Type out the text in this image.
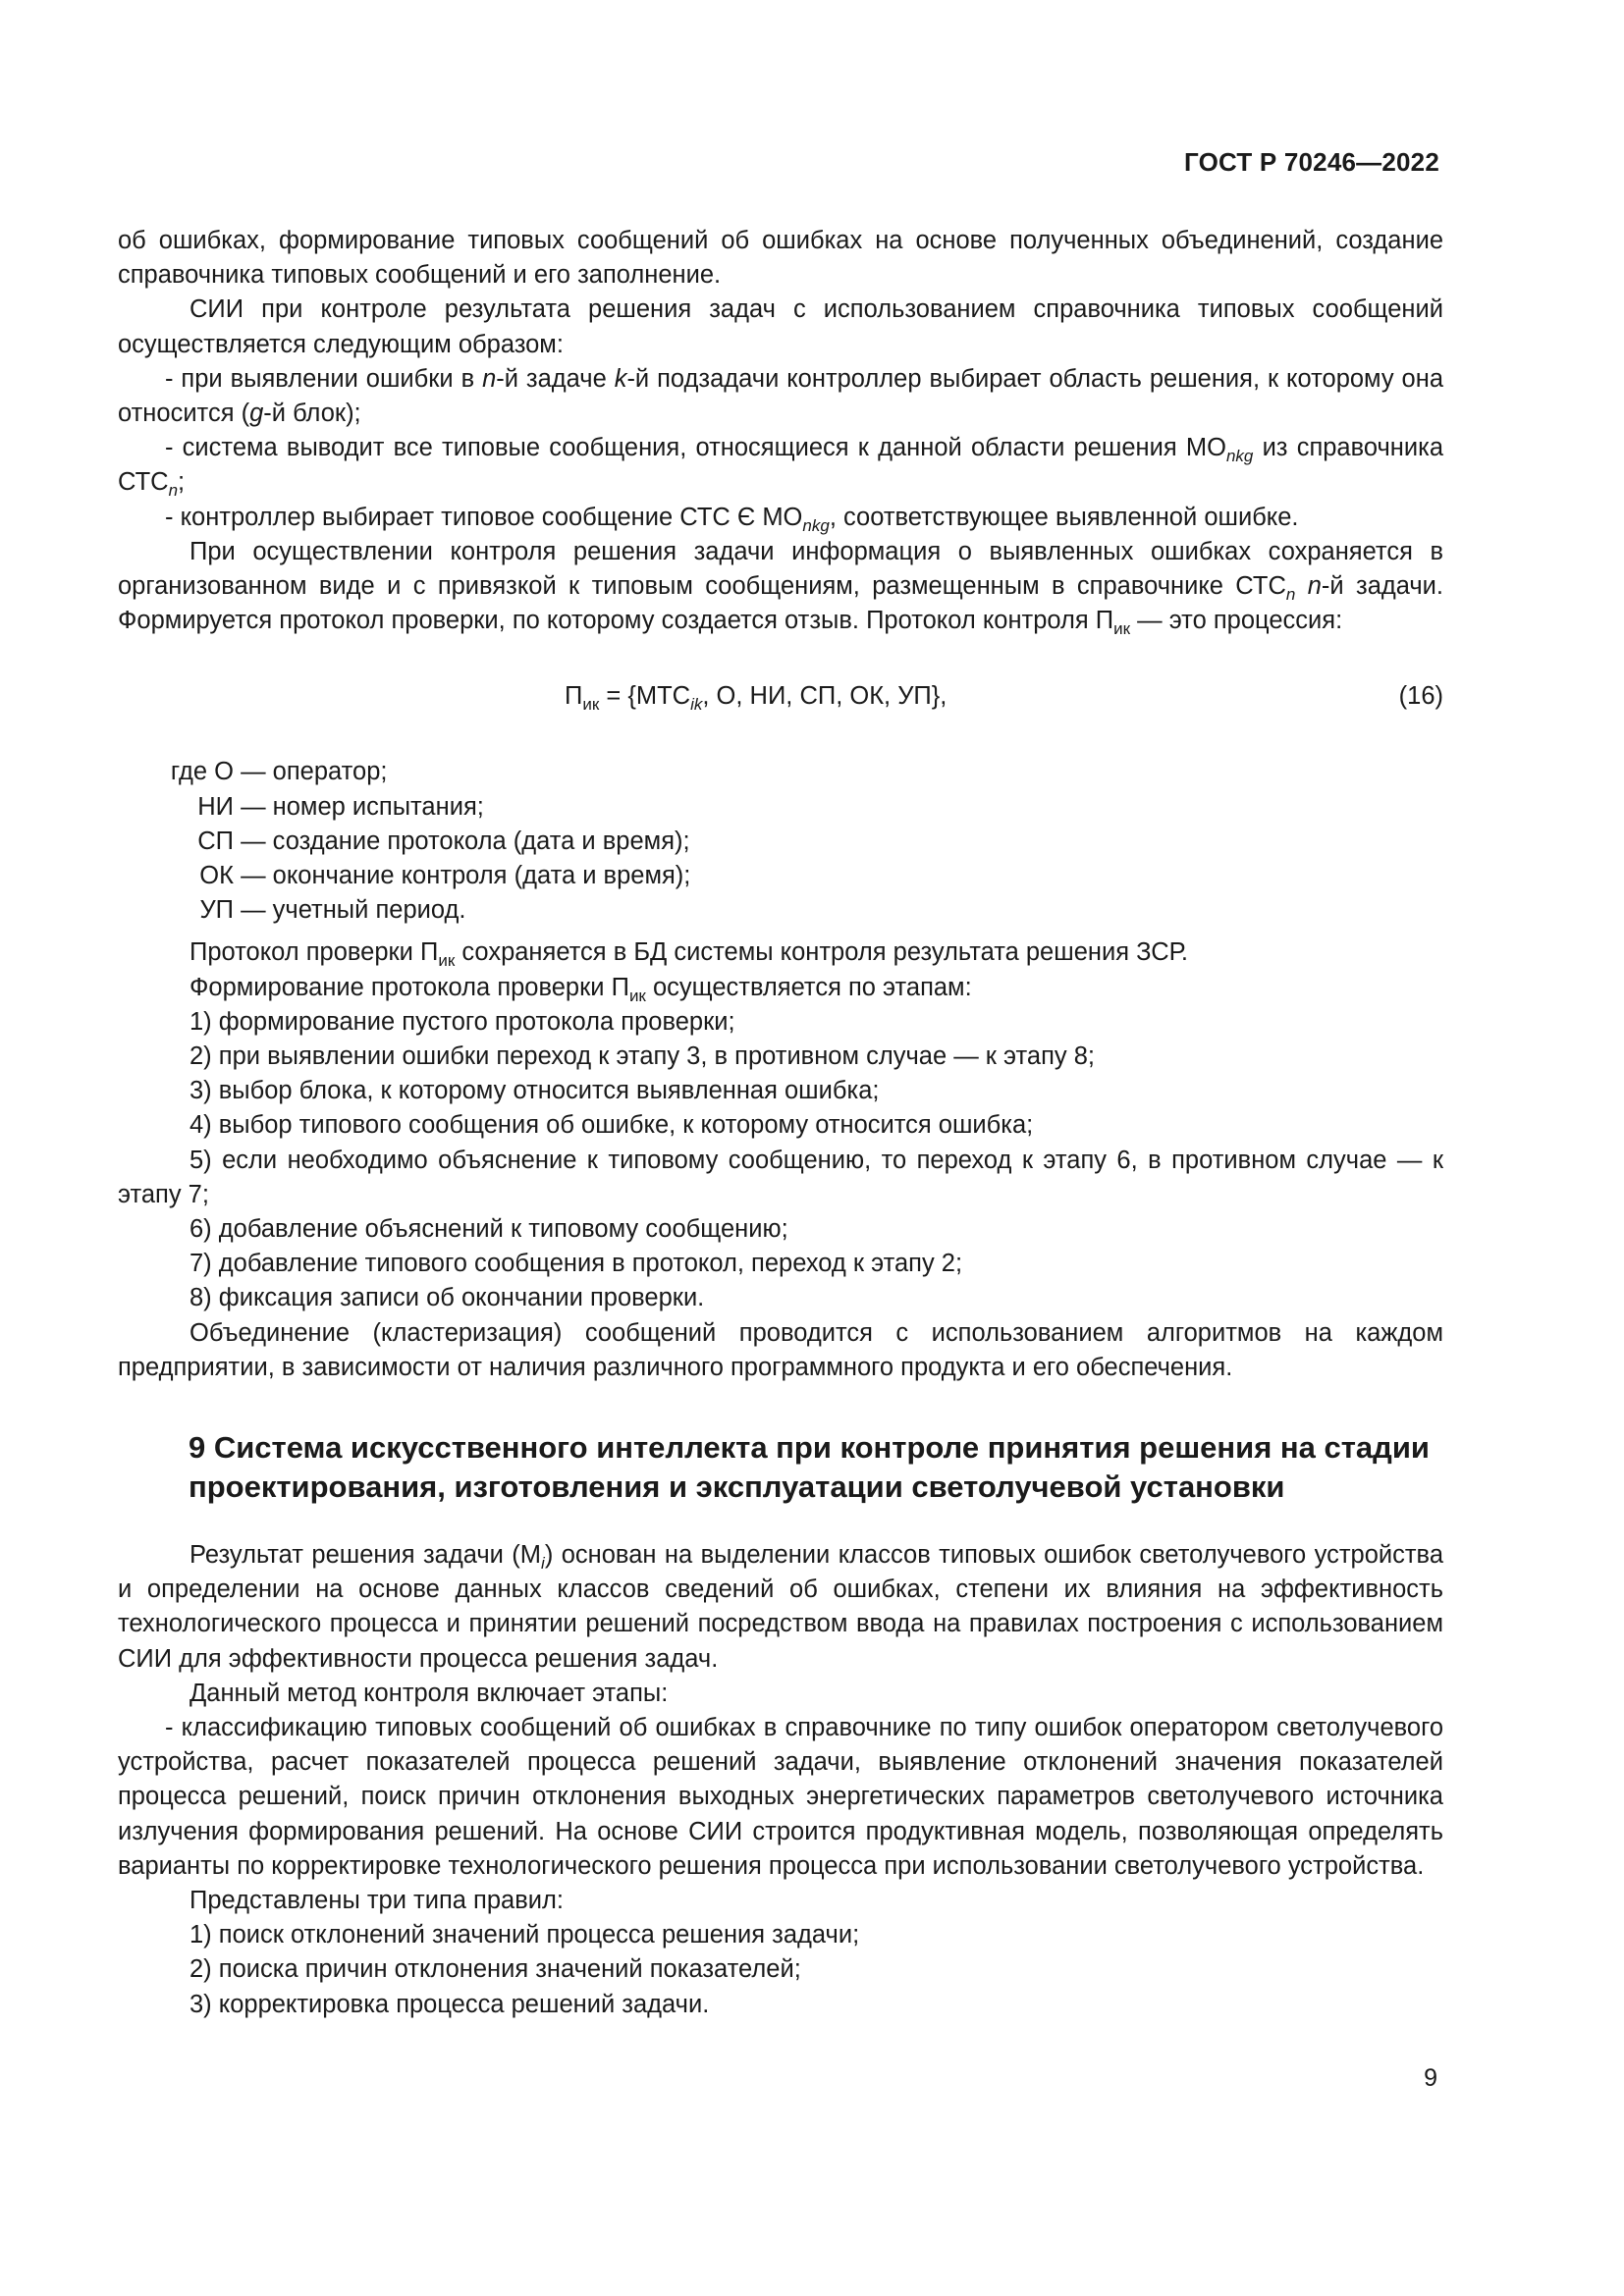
ГОСТ Р 70246—2022

об ошибках, формирование типовых сообщений об ошибках на основе полученных объединений, создание справочника типовых сообщений и его заполнение.

СИИ при контроле результата решения задач с использованием справочника типовых сообщений осуществляется следующим образом:

- при выявлении ошибки в n-й задаче k-й подзадачи контроллер выбирает область решения, к которому она относится (g-й блок);

- система выводит все типовые сообщения, относящиеся к данной области решения $МО_{nkg}$ из справочника $СТС_n$;

- контроллер выбирает типовое сообщение СТС Є $МО_{nkg}$, соответствующее выявленной ошибке.

При осуществлении контроля решения задачи информация о выявленных ошибках сохраняется в организованном виде и с привязкой к типовым сообщениям, размещенным в справочнике $СТС_n$ n-й задачи. Формируется протокол проверки, по которому создается отзыв. Протокол контроля $П_{ик}$ — это процессия:

$П_{ик} = \{МТС_{ik}$, О, НИ, СП, ОК, УП},	(16)
где О — оператор;
НИ — номер испытания;
СП — создание протокола (дата и время);
ОК — окончание контроля (дата и время);
УП — учетный период.

Протокол проверки $П_{ик}$ сохраняется в БД системы контроля результата решения ЗСР.

Формирование протокола проверки $П_{ик}$ осуществляется по этапам:

1) формирование пустого протокола проверки;

2) при выявлении ошибки переход к этапу 3, в противном случае — к этапу 8;

3) выбор блока, к которому относится выявленная ошибка;

4) выбор типового сообщения об ошибке, к которому относится ошибка;

5) если необходимо объяснение к типовому сообщению, то переход к этапу 6, в противном случае — к этапу 7;

6) добавление объяснений к типовому сообщению;

7) добавление типового сообщения в протокол, переход к этапу 2;

8) фиксация записи об окончании проверки.

Объединение (кластеризация) сообщений проводится с использованием алгоритмов на каждом предприятии, в зависимости от наличия различного программного продукта и его обеспечения.

9 Система искусственного интеллекта при контроле принятия решения на стадии проектирования, изготовления и эксплуатации светолучевой установки

Результат решения задачи $(М_i)$ основан на выделении классов типовых ошибок светолучевого устройства и определении на основе данных классов сведений об ошибках, степени их влияния на эффективность технологического процесса и принятии решений посредством ввода на правилах построения с использованием СИИ для эффективности процесса решения задач.

Данный метод контроля включает этапы:

- классификацию типовых сообщений об ошибках в справочнике по типу ошибок оператором светолучевого устройства, расчет показателей процесса решений задачи, выявление отклонений значения показателей процесса решений, поиск причин отклонения выходных энергетических параметров светолучевого источника излучения формирования решений. На основе СИИ строится продуктивная модель, позволяющая определять варианты по корректировке технологического решения процесса при использовании светолучевого устройства.

Представлены три типа правил:

1) поиск отклонений значений процесса решения задачи;

2) поиска причин отклонения значений показателей;

3) корректировка процесса решений задачи.

9
